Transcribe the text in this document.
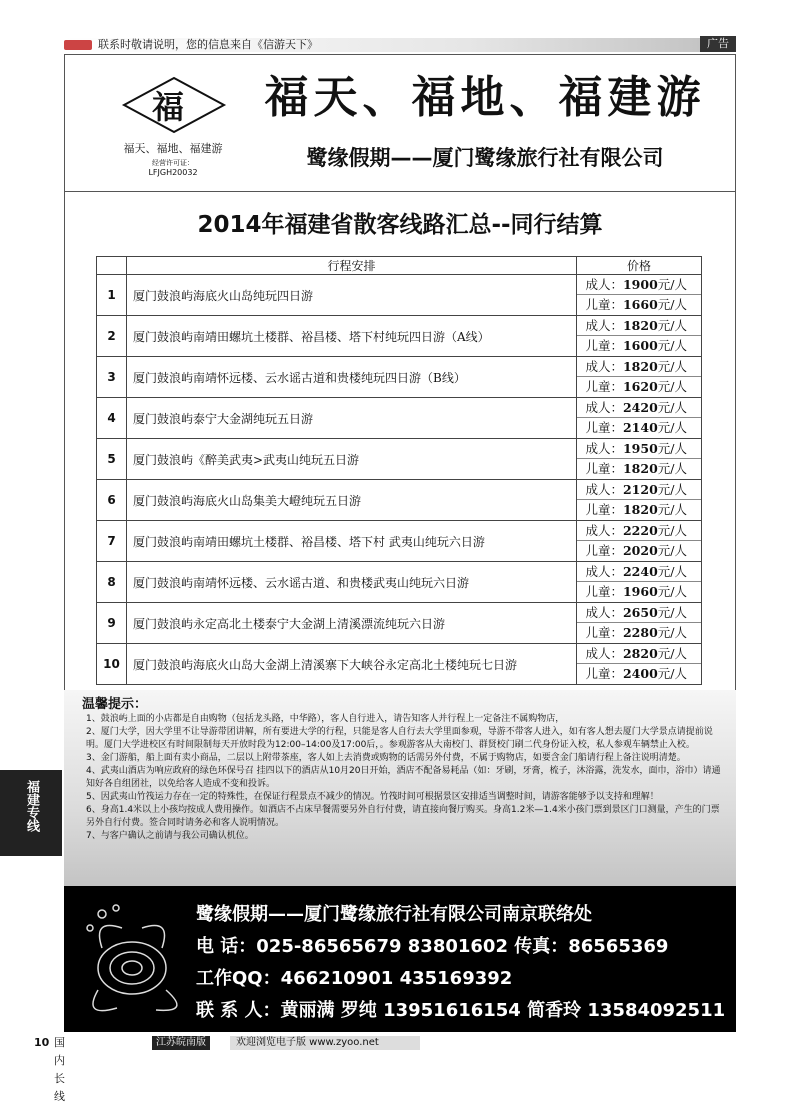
联系时敬请说明，您的信息来自《信游天下》	广告
福
福天、福地、福建游
经营许可证：
LFJGH20032
福天、福地、福建游
鹭缘假期——厦门鹭缘旅行社有限公司
2014年福建省散客线路汇总--同行结算
	行程安排	价格
1	厦门鼓浪屿海底火山岛纯玩四日游	成人：1900元/人
儿童：1660元/人

2	厦门鼓浪屿南靖田螺坑土楼群、裕昌楼、塔下村纯玩四日游（A线）	成人：1820元/人
儿童：1600元/人

3	厦门鼓浪屿南靖怀远楼、云水谣古道和贵楼纯玩四日游（B线）	成人：1820元/人
儿童：1620元/人

4	厦门鼓浪屿泰宁大金湖纯玩五日游	成人：2420元/人
儿童：2140元/人

5	厦门鼓浪屿《醉美武夷>武夷山纯玩五日游	成人：1950元/人
儿童：1820元/人

6	厦门鼓浪屿海底火山岛集美大嶝纯玩五日游	成人：2120元/人
儿童：1820元/人

7	厦门鼓浪屿南靖田螺坑土楼群、裕昌楼、塔下村 武夷山纯玩六日游	成人：2220元/人
儿童：2020元/人

8	厦门鼓浪屿南靖怀远楼、云水谣古道、和贵楼武夷山纯玩六日游	成人：2240元/人
儿童：1960元/人

9	厦门鼓浪屿永定高北土楼泰宁大金湖上清溪漂流纯玩六日游	成人：2650元/人
儿童：2280元/人

10	厦门鼓浪屿海底火山岛大金湖上清溪寨下大峡谷永定高北土楼纯玩七日游	成人：2820元/人
儿童：2400元/人
温馨提示：
1、鼓浪屿上面的小店都是自由购物（包括龙头路，中华路），客人自行进入，请告知客人并行程上一定备注不属购物店，
2、厦门大学，因大学里不让导游带团讲解，所有要进大学的行程，只能是客人自行去大学里面参观，导游不带客人进入，如有客人想去厦门大学景点请提前说明。厦门大学进校区有时间限制每天开放时段为12:00–14:00及17:00后，。参观游客从大南校门、群贤校门刷二代身份证入校，私人参观车辆禁止入校。
3、金门游船，船上面有卖小商品，二层以上附带茶座，客人如上去消费或购物的话需另外付费，不属于购物店，如要含金门船请行程上备注说明清楚。
4、武夷山酒店为响应政府的绿色环保号召 挂四以下的酒店从10月20日开始，酒店不配备易耗品（如：牙刷，牙膏，梳子，沐浴露，洗发水，面巾，浴巾）请通知好各自组团社，以免给客人造成不变和投诉。
5、因武夷山竹筏运力存在一定的特殊性，在保证行程景点不减少的情况。竹筏时间可根据景区安排适当调整时间，请游客能够予以支持和理解！
6、身高1.4米以上小孩均按成人费用操作。如酒店不占床早餐需要另外自行付费，请直接向餐厅购买。身高1.2米—1.4米小孩门票到景区门口测量，产生的门票另外自行付费。签合同时请务必和客人说明情况。
7、与客户确认之前请与我公司确认机位。
福建专线
鹭缘假期——厦门鹭缘旅行社有限公司南京联络处
电 话：025-86565679 83801602 传真：86565369
工作QQ：466210901 435169392
联 系 人：黄丽满 罗纯 13951616154 简香玲 13584092511
10 国内长线
江苏皖南版	欢迎浏览电子版 www.zyoo.net
